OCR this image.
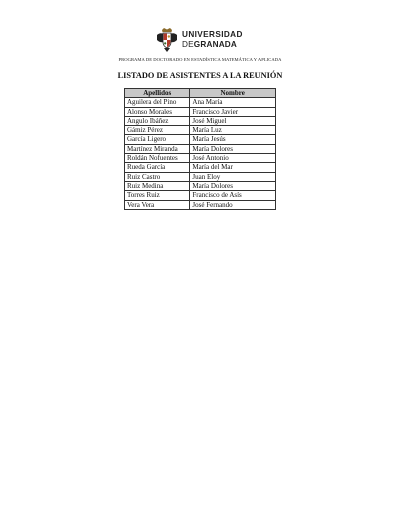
UNIVERSIDAD
DEGRANADA
PROGRAMA DE DOCTORADO EN ESTADÍSTICA MATEMÁTICA Y APLICADA
LISTADO DE ASISTENTES A LA REUNIÓN
Apellidos	Nombre
Aguilera del Pino	Ana María
Alonso Morales	Francisco Javier
Angulo Ibáñez	José Miguel
Gámiz Pérez	María Luz
García Ligero	María Jesús
Martínez Miranda	María Dolores
Roldán Nofuentes	José Antonio
Rueda García	María del Mar
Ruiz Castro	Juan Eloy
Ruiz Medina	María Dolores
Torres Ruiz	Francisco de Asís
Vera Vera	José Fernando
